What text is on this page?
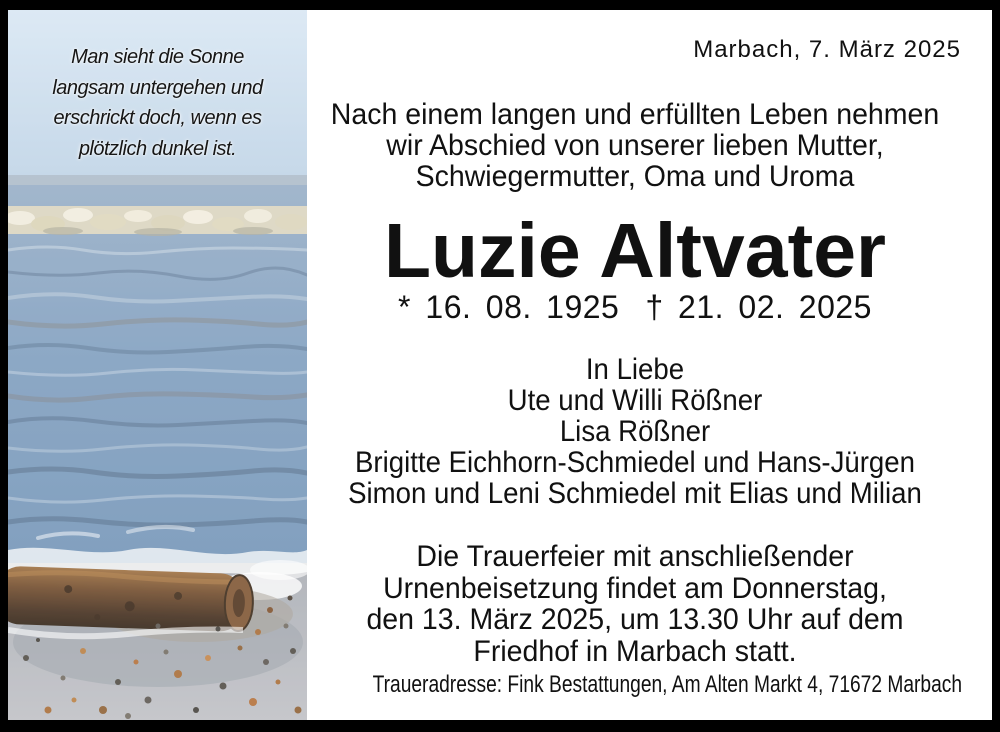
Man sieht die Sonne
langsam untergehen und
erschrickt doch, wenn es
plötzlich dunkel ist.
Marbach, 7. März 2025
Nach einem langen und erfüllten Leben nehmen
wir Abschied von unserer lieben Mutter,
Schwiegermutter, Oma und Uroma
Luzie Altvater
* 16. 08. 1925 † 21. 02. 2025
In Liebe
Ute und Willi Rößner
Lisa Rößner
Brigitte Eichhorn-Schmiedel und Hans-Jürgen
Simon und Leni Schmiedel mit Elias und Milian
Die Trauerfeier mit anschließender
Urnenbeisetzung findet am Donnerstag,
den 13. März 2025, um 13.30 Uhr auf dem
Friedhof in Marbach statt.
Traueradresse: Fink Bestattungen, Am Alten Markt 4, 71672 Marbach
